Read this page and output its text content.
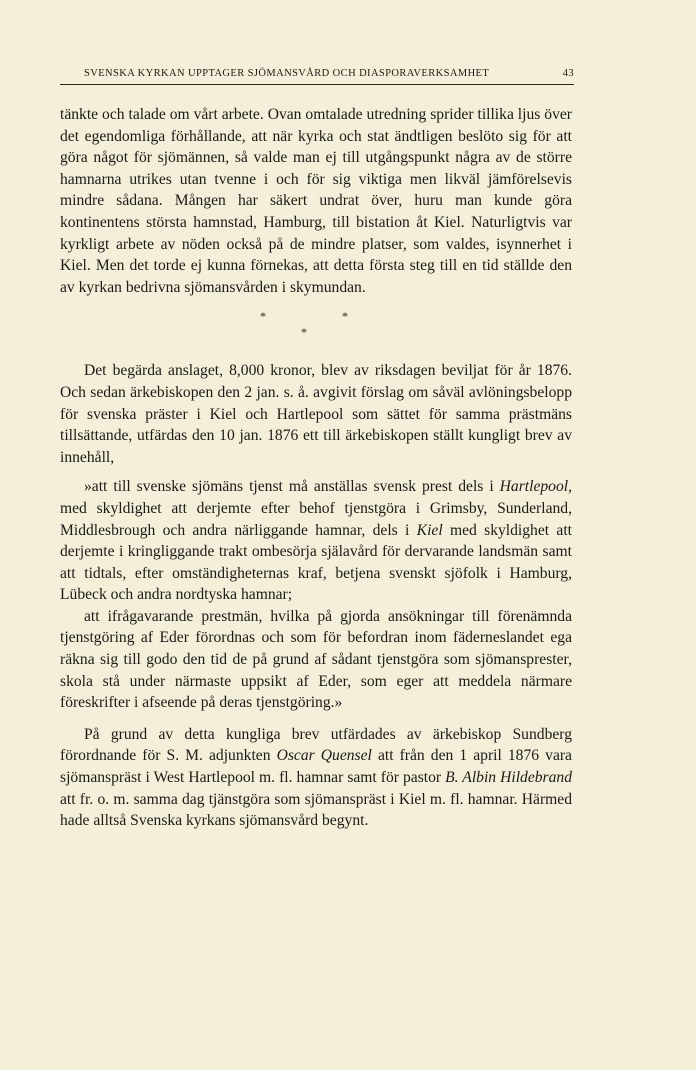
SVENSKA KYRKAN UPPTAGER SJÖMANSVÅRD OCH DIASPORAVERKSAMHET	43

tänkte och talade om vårt arbete. Ovan omtalade utredning sprider tillika ljus över det egendomliga förhållande, att när kyrka och stat ändtligen beslöto sig för att göra något för sjömännen, så valde man ej till utgångspunkt några av de större hamnarna utrikes utan tvenne i och för sig viktiga men likväl jämförelsevis mindre sådana. Mången har säkert undrat över, huru man kunde göra kontinentens största hamnstad, Hamburg, till bistation åt Kiel. Naturligtvis var kyrkligt arbete av nöden också på de mindre platser, som valdes, isynnerhet i Kiel. Men det torde ej kunna förnekas, att detta första steg till en tid ställde den av kyrkan bedrivna sjömansvården i skymundan.

*	*
*

Det begärda anslaget, 8,000 kronor, blev av riksdagen beviljat för år 1876. Och sedan ärkebiskopen den 2 jan. s. å. avgivit förslag om såväl avlöningsbelopp för svenska präster i Kiel och Hartlepool som sättet för samma prästmäns tillsättande, utfärdas den 10 jan. 1876 ett till ärkebiskopen ställt kungligt brev av innehåll,

»att till svenske sjömäns tjenst må anställas svensk prest dels i Hartlepool, med skyldighet att derjemte efter behof tjenstgöra i Grimsby, Sunderland, Middlesbrough och andra närliggande hamnar, dels i Kiel med skyldighet att derjemte i kringliggande trakt ombesörja själavård för dervarande landsmän samt att tidtals, efter omständigheternas kraf, betjena svenskt sjöfolk i Hamburg, Lübeck och andra nordtyska hamnar;

att ifrågavarande prestmän, hvilka på gjorda ansökningar till förenämnda tjenstgöring af Eder förordnas och som för befordran inom fäderneslandet ega räkna sig till godo den tid de på grund af sådant tjenstgöra som sjömansprester, skola stå under närmaste uppsikt af Eder, som eger att meddela närmare föreskrifter i afseende på deras tjenstgöring.»

På grund av detta kungliga brev utfärdades av ärkebiskop Sundberg förordnande för S. M. adjunkten Oscar Quensel att från den 1 april 1876 vara sjömanspräst i West Hartlepool m. fl. hamnar samt för pastor B. Albin Hildebrand att fr. o. m. samma dag tjänstgöra som sjömanspräst i Kiel m. fl. hamnar. Härmed hade alltså Svenska kyrkans sjömansvård begynt.
